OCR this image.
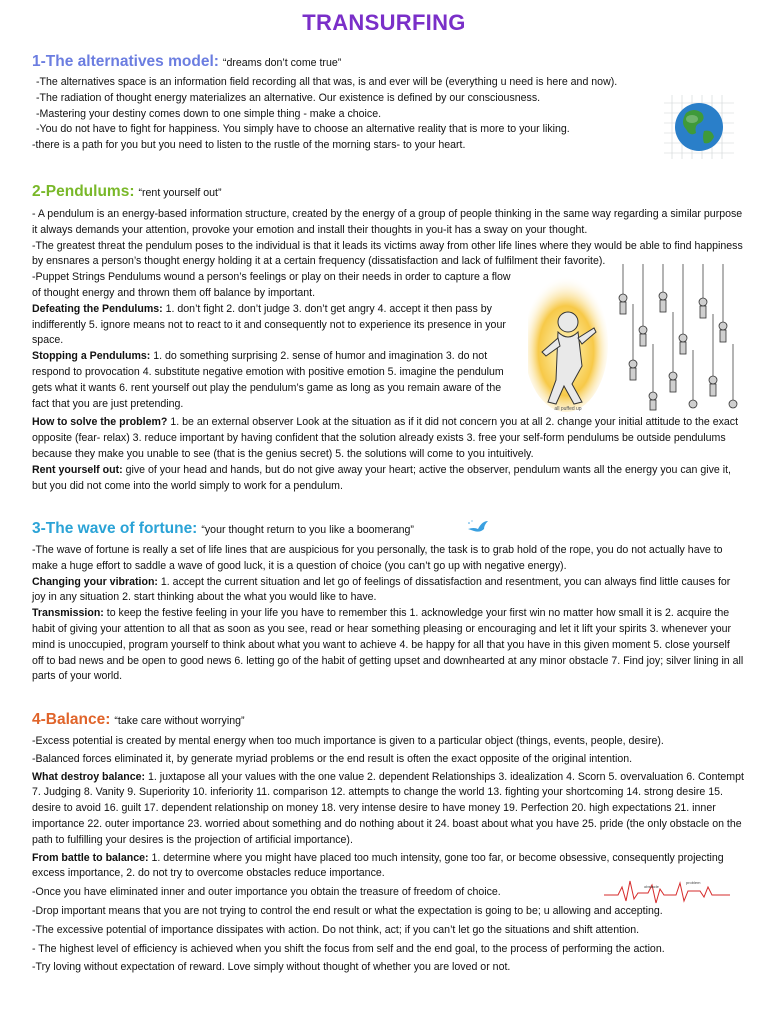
TRANSURFING
1-The alternatives model: “dreams don’t come true”

-The alternatives space is an information field recording all that was, is and ever will be (everything u need is here and now).

-The radiation of thought energy materializes an alternative. Our existence is defined by our consciousness.

-Mastering your destiny comes down to one simple thing - make a choice.

-You do not have to fight for happiness. You simply have to choose an alternative reality that is more to your liking.

-there is a path for you but you need to listen to the rustle of the morning stars- to your heart.

2-Pendulums: “rent yourself out”

- A pendulum is an energy-based information structure, created by the energy of a group of people thinking in the same way regarding a similar purpose it always demands your attention, provoke your emotion and install their thoughts in you-it has a sway on your thought.

-The greatest threat the pendulum poses to the individual is that it leads its victims away from other life lines where they would be able to find happiness by ensnares a person’s thought energy holding it at a certain frequency (dissatisfaction and lack of fulfilment their favorite).

-Puppet Strings Pendulums wound a person’s feelings or play on their needs in order to capture a flow of thought energy and thrown them off balance by important.

Defeating the Pendulums: 1. don’t fight 2. don’t judge 3. don’t get angry 4. accept it then pass by indifferently 5. ignore means not to react to it and consequently not to experience its presence in your space.

Stopping a Pendulums: 1. do something surprising 2. sense of humor and imagination 3. do not respond to provocation 4. substitute negative emotion with positive emotion 5. imagine the pendulum gets what it wants 6. rent yourself out play the pendulum’s game as long as you remain aware of the fact that you are just pretending.

How to solve the problem? 1. be an external observer Look at the situation as if it did not concern you at all 2. change your initial attitude to the exact opposite (fear- relax) 3. reduce important by having confident that the solution already exists 3. free your self-form pendulums be outside pendulums because they make you unable to see (that is the genius secret) 5. the solutions will come to you intuitively.

Rent yourself out: give of your head and hands, but do not give away your heart; active the observer, pendulum wants all the energy you can give it, but you did not come into the world simply to work for a pendulum.

all puffed up
3-The wave of fortune: “your thought return to you like a boomerang”

-The wave of fortune is really a set of life lines that are auspicious for you personally, the task is to grab hold of the rope, you do not actually have to make a huge effort to saddle a wave of good luck, it is a question of choice (you can’t go up with negative energy).

Changing your vibration: 1. accept the current situation and let go of feelings of dissatisfaction and resentment, you can always find little causes for joy in any situation 2. start thinking about the what you would like to have.

Transmission: to keep the festive feeling in your life you have to remember this 1. acknowledge your first win no matter how small it is 2. acquire the habit of giving your attention to all that as soon as you see, read or hear something pleasing or encouraging and let it lift your spirits 3. whenever your mind is unoccupied, program yourself to think about what you want to achieve 4. be happy for all that you have in this given moment 5. close yourself off to bad news and be open to good news 6. letting go of the habit of getting upset and downhearted at any minor obstacle 7. Find joy; silver lining in all parts of your world.

4-Balance: “take care without worrying”

-Excess potential is created by mental energy when too much importance is given to a particular object (things, events, people, desire).

-Balanced forces eliminated it, by generate myriad problems or the end result is often the exact opposite of the original intention.

What destroy balance: 1. juxtapose all your values with the one value 2. dependent Relationships 3. idealization 4. Scorn 5. overvaluation 6. Contempt 7. Judging 8. Vanity 9. Superiority 10. inferiority 11. comparison 12. attempts to change the world 13. fighting your shortcoming 14. strong desire 15. desire to avoid 16. guilt 17. dependent relationship on money 18. very intense desire to have money 19. Perfection 20. high expectations 21. inner importance 22. outer importance 23. worried about something and do nothing about it 24. boast about what you have 25. pride (the only obstacle on the path to fulfilling your desires is the projection of artificial importance).

From battle to balance: 1. determine where you might have placed too much intensity, gone too far, or become obsessive, consequently projecting excess importance, 2. do not try to overcome obstacles reduce importance.

-Once you have eliminated inner and outer importance you obtain the treasure of freedom of choice.

-Drop important means that you are not trying to control the end result or what the expectation is going to be; u allowing and accepting.

-The excessive potential of importance dissipates with action. Do not think, act; if you can’t let go the situations and shift attention.

- The highest level of efficiency is achieved when you shift the focus from self and the end goal, to the process of performing the action.

-Try loving without expectation of reward. Love simply without thought of whether you are loved or not.

problem
obstacle
